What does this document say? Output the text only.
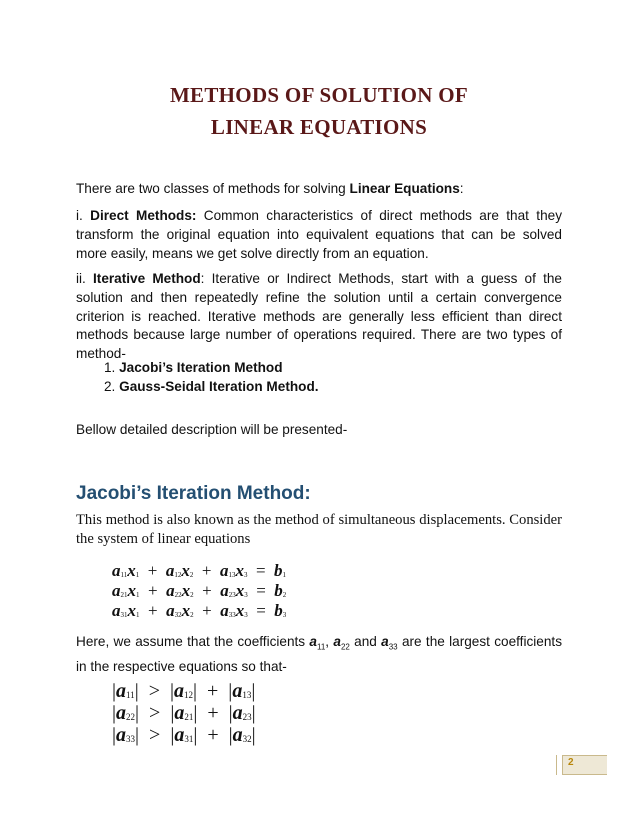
METHODS OF SOLUTION OF
LINEAR EQUATIONS
There are two classes of methods for solving Linear Equations:
i. Direct Methods: Common characteristics of direct methods are that they transform the original equation into equivalent equations that can be solved more easily, means we get solve directly from an equation.
ii. Iterative Method: Iterative or Indirect Methods, start with a guess of the solution and then repeatedly refine the solution until a certain convergence criterion is reached. Iterative methods are generally less efficient than direct methods because large number of operations required. There are two types of method-
1. Jacobi’s Iteration Method
2. Gauss-Seidal Iteration Method.
Bellow detailed description will be presented-
Jacobi’s Iteration Method:
This method is also known as the method of simultaneous displacements. Consider the system of linear equations
$a_{11}x_1 + a_{12}x_2 + a_{13}x_3 = b_1$
$a_{21}x_1 + a_{22}x_2 + a_{23}x_3 = b_2$
$a_{31}x_1 + a_{32}x_2 + a_{33}x_3 = b_3$
Here, we assume that the coefficients $a_{11}$, $a_{22}$ and $a_{33}$ are the largest coefficients in the respective equations so that-
$|a_{11}| > |a_{12}| + |a_{13}|$
$|a_{22}| > |a_{21}| + |a_{23}|$
$|a_{33}| > |a_{31}| + |a_{32}|$
2
